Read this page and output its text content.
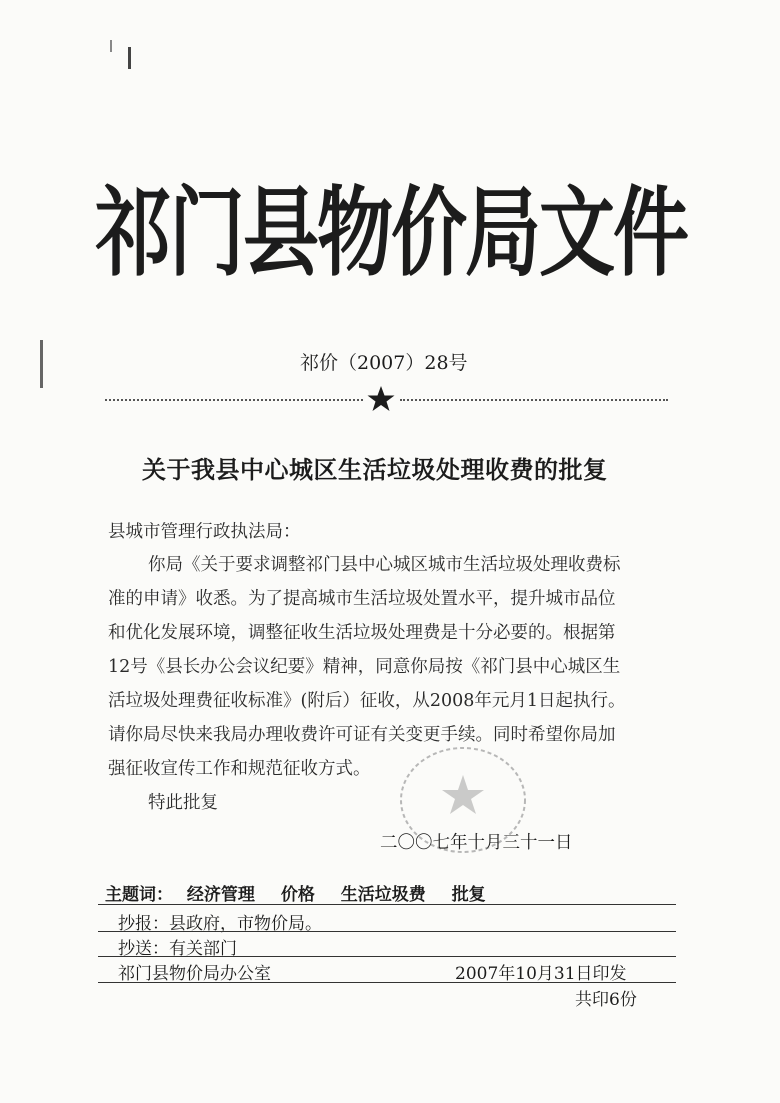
祁门县物价局文件
祁价（2007）28号
关于我县中心城区生活垃圾处理收费的批复
县城市管理行政执法局：
你局《关于要求调整祁门县中心城区城市生活垃圾处理收费标
准的申请》收悉。为了提高城市生活垃圾处置水平，提升城市品位
和优化发展环境，调整征收生活垃圾处理费是十分必要的。根据第
12号《县长办公会议纪要》精神，同意你局按《祁门县中心城区生
活垃圾处理费征收标准》(附后）征收，从2008年元月1日起执行。
请你局尽快来我局办理收费许可证有关变更手续。同时希望你局加
强征收宣传工作和规范征收方式。
特此批复
二〇〇七年十月三十一日
主题词： 经济管理 价格 生活垃圾费 批复
抄报：县政府，市物价局。
抄送：有关部门
祁门县物价局办公室	2007年10月31日印发
共印6份
